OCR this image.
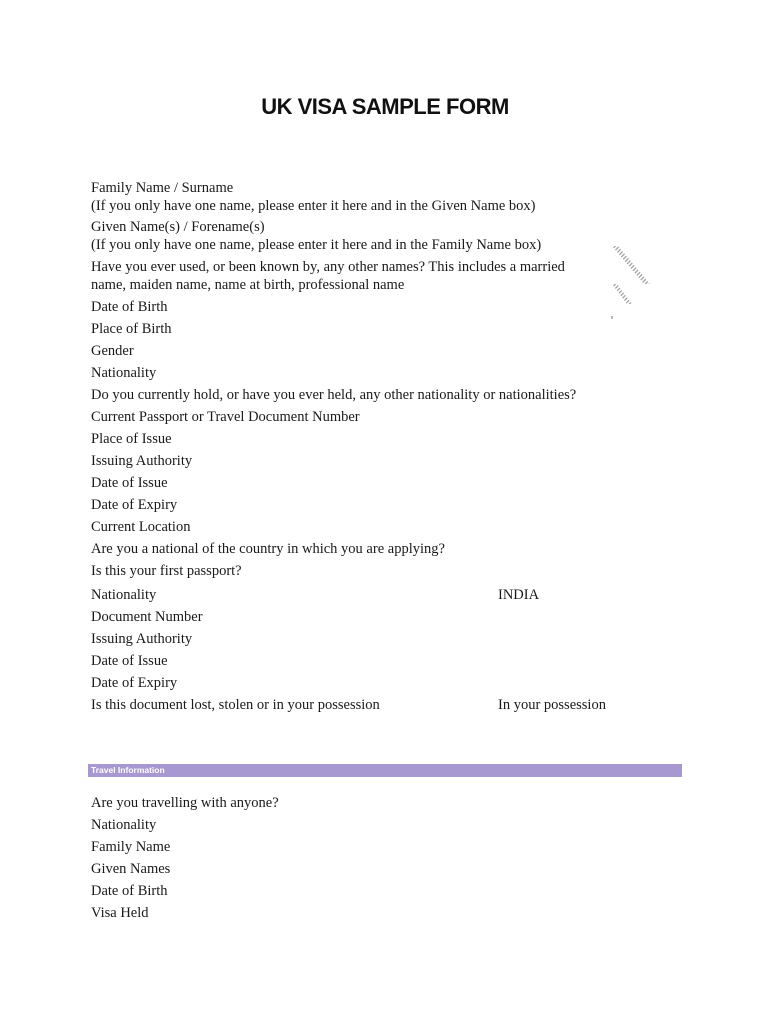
UK VISA SAMPLE FORM
Family Name / Surname
(If you only have one name, please enter it here and in the Given Name box)
Given Name(s) / Forename(s)
(If you only have one name, please enter it here and in the Family Name box)
Have you ever used, or been known by, any other names? This includes a married name, maiden name, name at birth, professional name
Date of Birth
Place of Birth
Gender
Nationality
Do you currently hold, or have you ever held, any other nationality or nationalities?
Current Passport or Travel Document Number
Place of Issue
Issuing Authority
Date of Issue
Date of Expiry
Current Location
Are you a national of the country in which you are applying?
Is this your first passport?
Nationality	INDIA
Document Number
Issuing Authority
Date of Issue
Date of Expiry
Is this document lost, stolen or in your possession	In your possession
Travel Information
Are you travelling with anyone?
Nationality
Family Name
Given Names
Date of Birth
Visa Held
